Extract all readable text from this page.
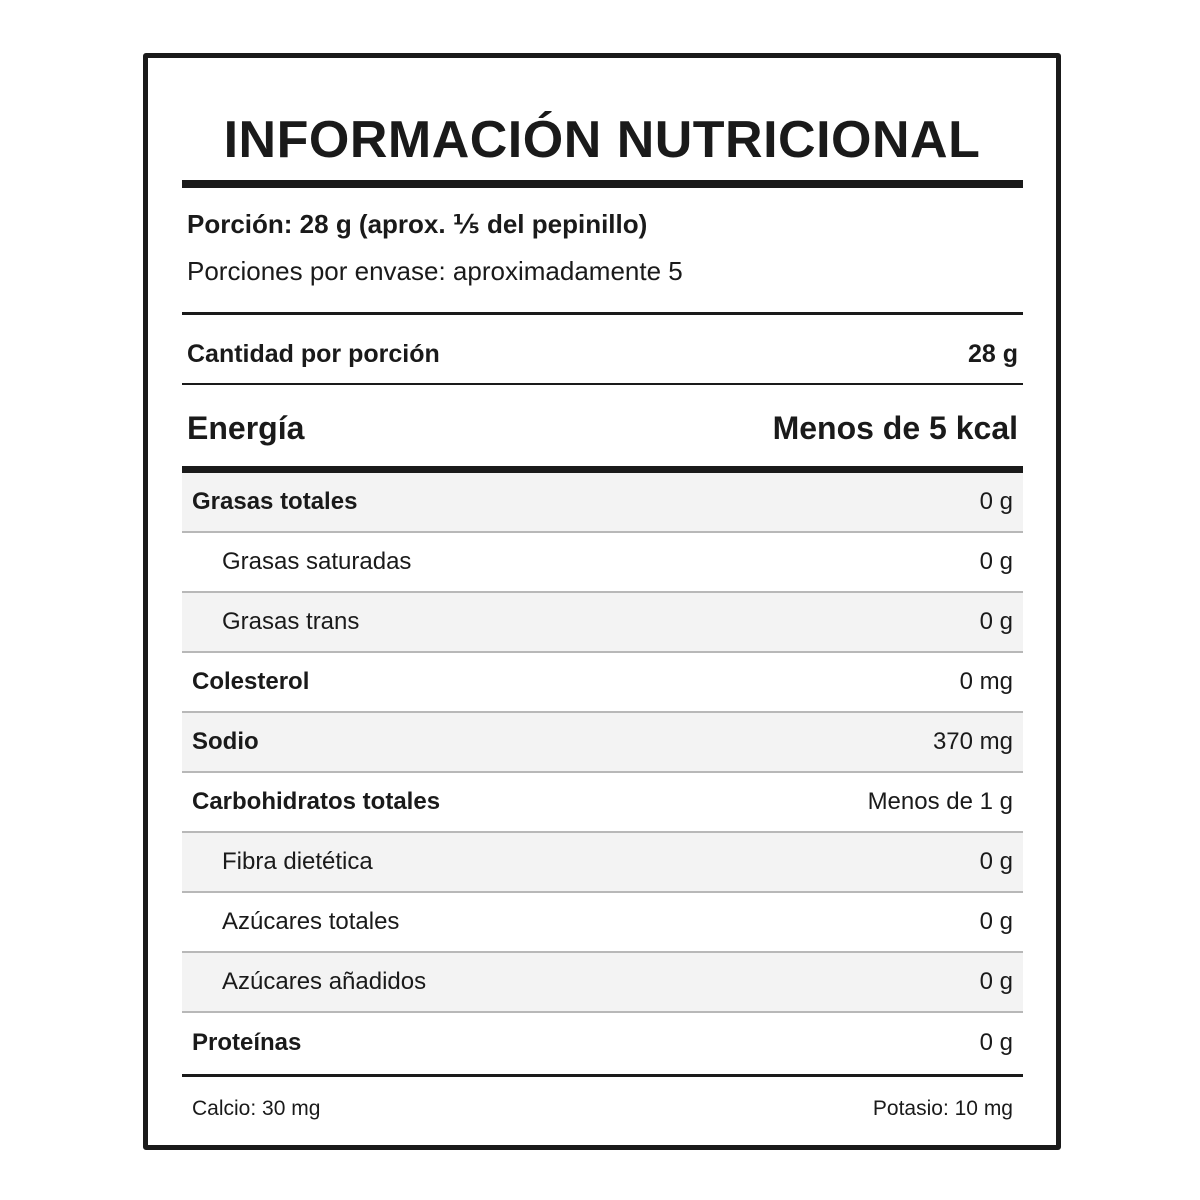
INFORMACIÓN NUTRICIONAL
Porción: 28 g (aprox. ⅕ del pepinillo)
Porciones por envase: aproximadamente 5
Cantidad por porción	28 g
Energía	Menos de 5 kcal
Grasas totales	0 g
Grasas saturadas	0 g
Grasas trans	0 g
Colesterol	0 mg
Sodio	370 mg
Carbohidratos totales	Menos de 1 g
Fibra dietética	0 g
Azúcares totales	0 g
Azúcares añadidos	0 g
Proteínas	0 g
Calcio: 30 mg	Potasio: 10 mg
